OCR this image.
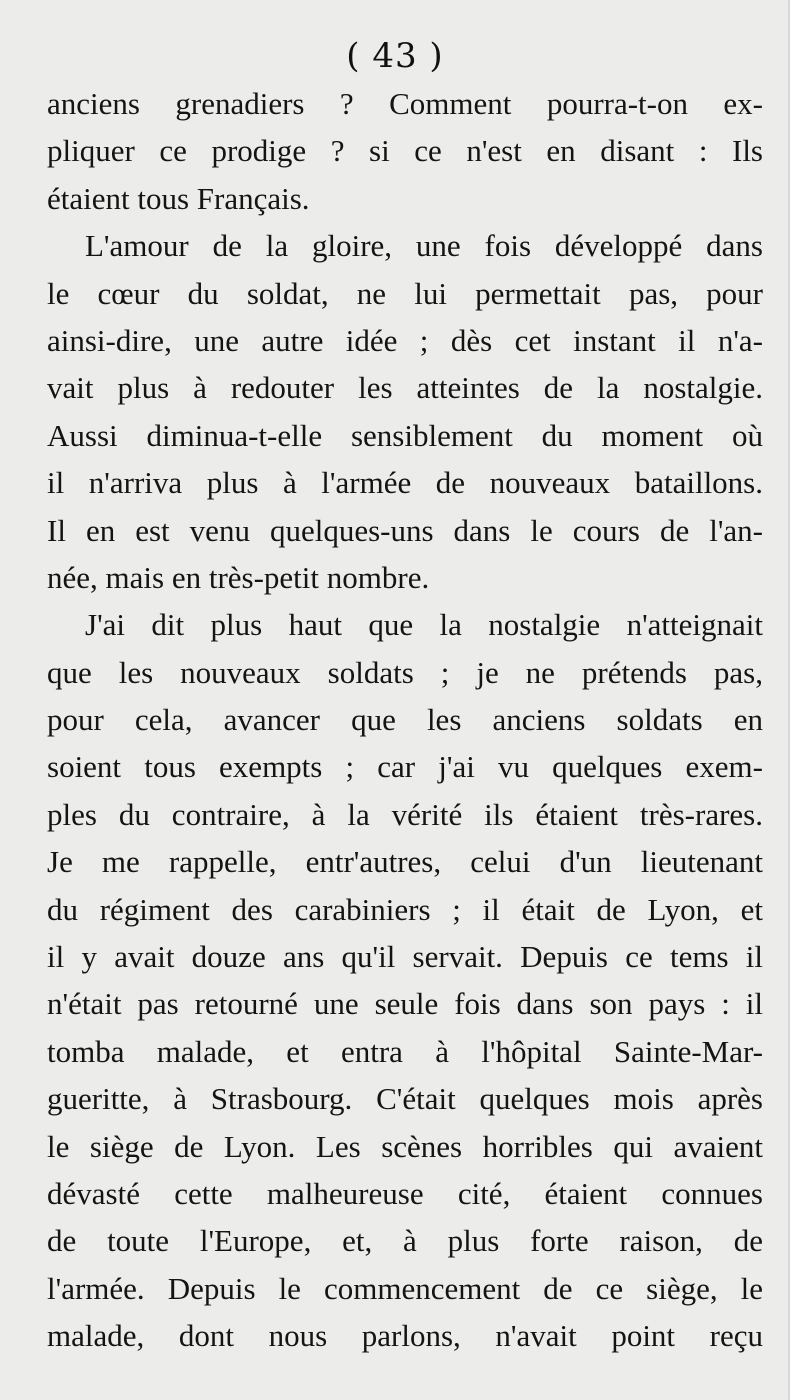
( 43 )
anciens grenadiers ? Comment pourra-t-on ex-
pliquer ce prodige ? si ce n'est en disant : Ils
étaient tous Français.
L'amour de la gloire, une fois développé dans
le cœur du soldat, ne lui permettait pas, pour
ainsi-dire, une autre idée ; dès cet instant il n'a-
vait plus à redouter les atteintes de la nostalgie.
Aussi diminua-t-elle sensiblement du moment où
il n'arriva plus à l'armée de nouveaux bataillons.
Il en est venu quelques-uns dans le cours de l'an-
née, mais en très-petit nombre.
J'ai dit plus haut que la nostalgie n'atteignait
que les nouveaux soldats ; je ne prétends pas,
pour cela, avancer que les anciens soldats en
soient tous exempts ; car j'ai vu quelques exem-
ples du contraire, à la vérité ils étaient très-rares.
Je me rappelle, entr'autres, celui d'un lieutenant
du régiment des carabiniers ; il était de Lyon, et
il y avait douze ans qu'il servait. Depuis ce tems il
n'était pas retourné une seule fois dans son pays : il
tomba malade, et entra à l'hôpital Sainte-Mar-
gueritte, à Strasbourg. C'était quelques mois après
le siège de Lyon. Les scènes horribles qui avaient
dévasté cette malheureuse cité, étaient connues
de toute l'Europe, et, à plus forte raison, de
l'armée. Depuis le commencement de ce siège, le
malade, dont nous parlons, n'avait point reçu
